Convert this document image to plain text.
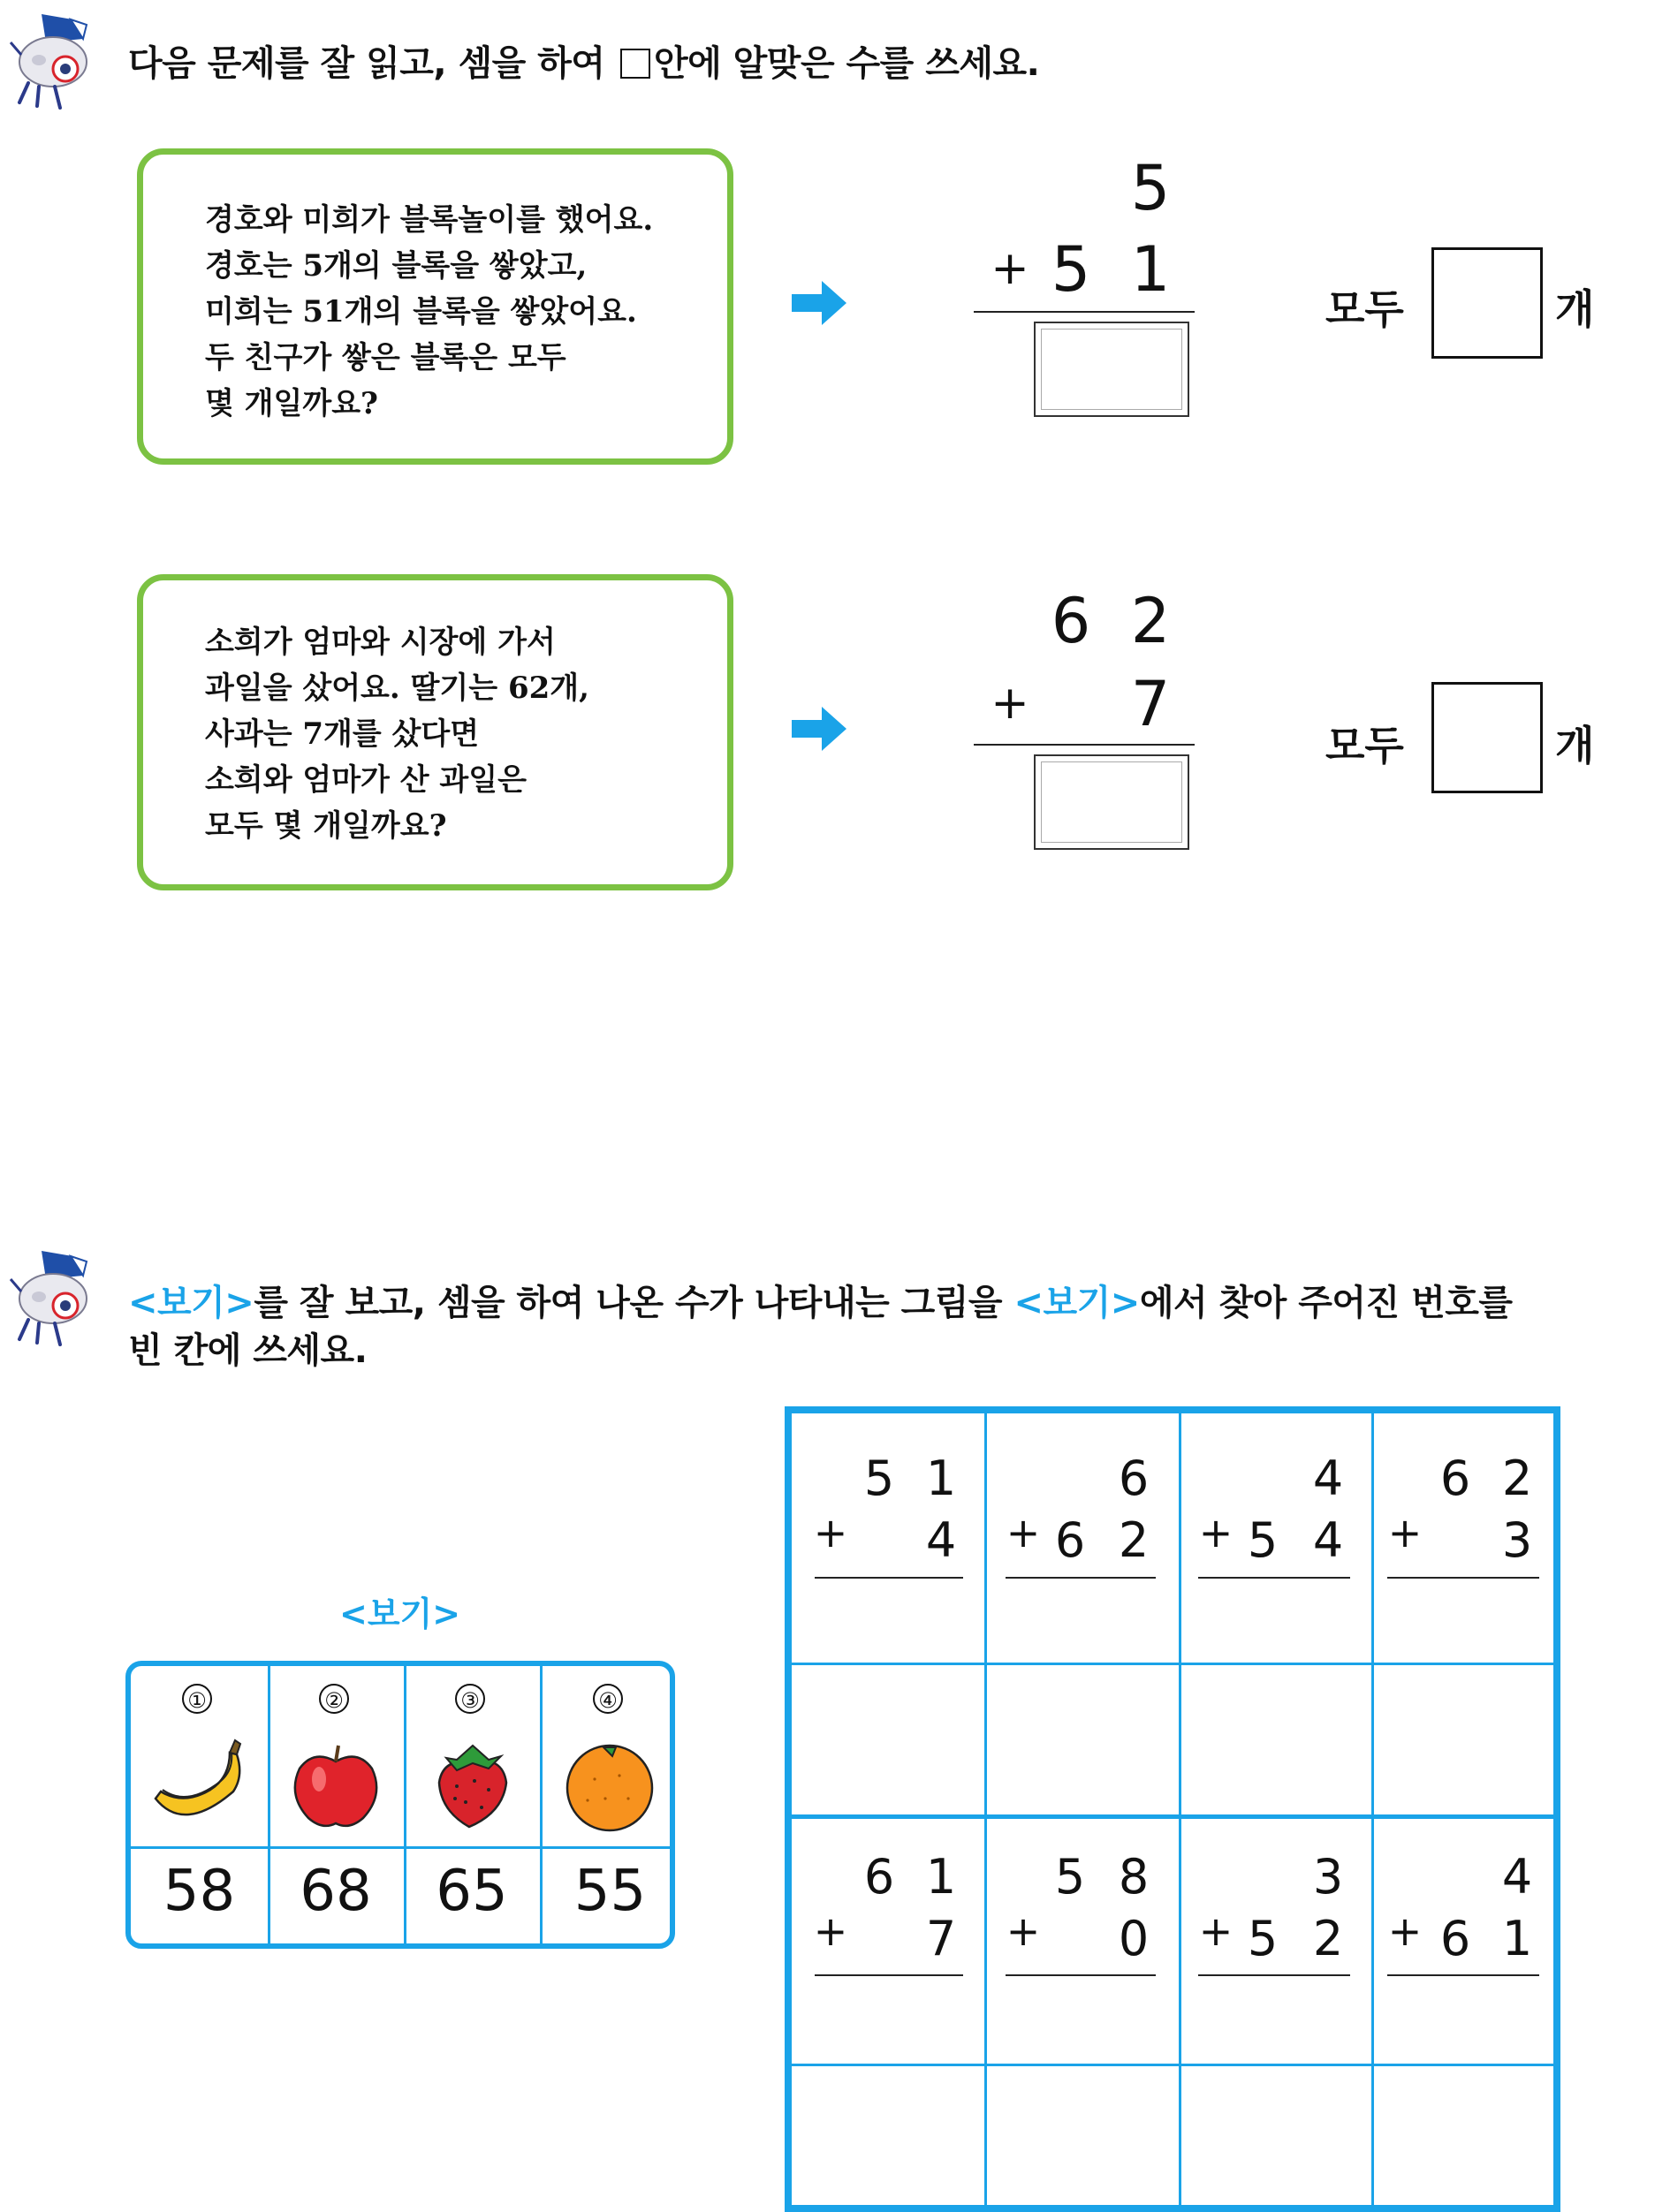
다음 문제를 잘 읽고, 셈을 하여 안에 알맞은 수를 쓰세요.
경호와 미희가 블록놀이를 했어요.
경호는 5개의 블록을 쌓았고,
미희는 51개의 블록을 쌓았어요.
두 친구가 쌓은 블록은 모두
몇 개일까요?
5
+ 5 1
모두	개
소희가 엄마와 시장에 가서
과일을 샀어요. 딸기는 62개,
사과는 7개를 샀다면
소희와 엄마가 산 과일은
모두 몇 개일까요?
6 2
+ 7
모두	개
<보기>를 잘 보고, 셈을 하여 나온 수가 나타내는 그림을 <보기>에서 찾아 주어진 번호를
빈 칸에 쓰세요.
<보기>
①
58
②
68
③
65
④
55
5 1
+ 4
6
+ 6 2
4
+ 5 4
6 2
+ 3
6 1
+ 7
5 8
+ 0
3
+ 5 2
4
+ 6 1
